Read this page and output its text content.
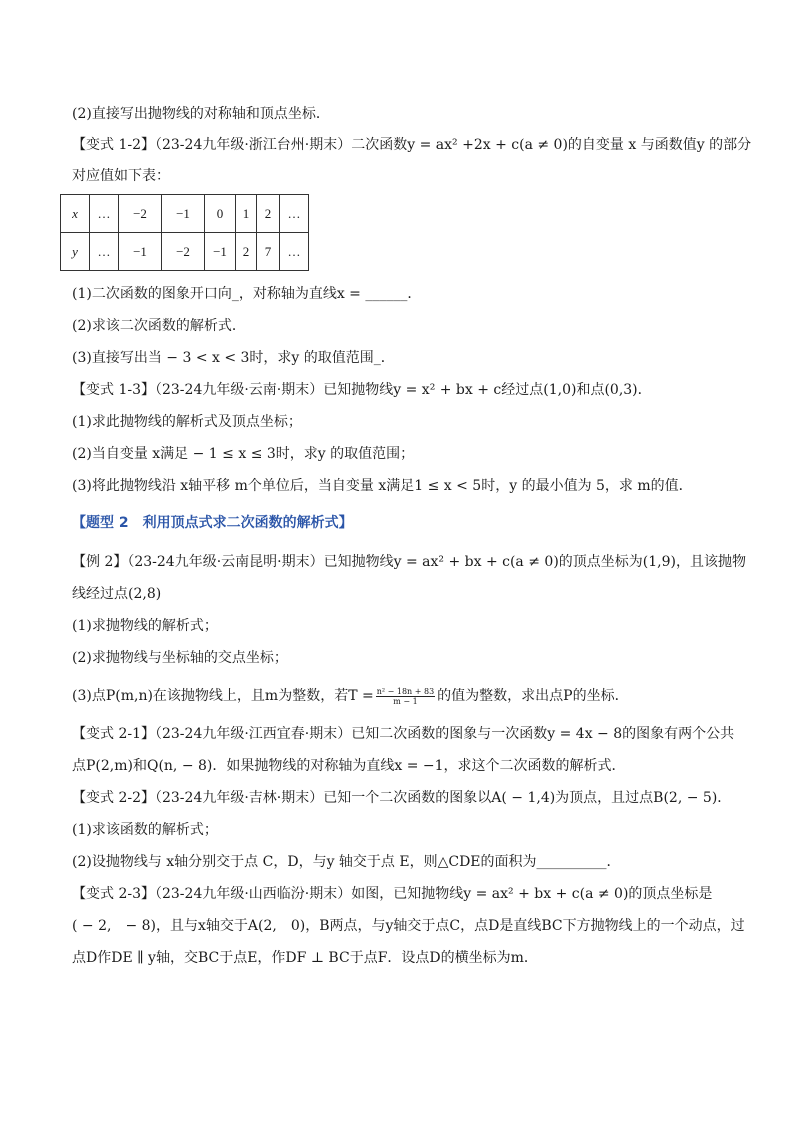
(2)直接写出抛物线的对称轴和顶点坐标．
【变式 1-2】（23-24九年级·浙江台州·期末）二次函数y = ax² +2x + c(a ≠ 0)的自变量 x 与函数值y 的部分
对应值如下表：
x	…	−2	−1	0	1	2	…
y	…	−1	−2	−1	2	7	…
(1)二次函数的图象开口向_，对称轴为直线x = ______．
(2)求该二次函数的解析式．
(3)直接写出当 − 3 < x < 3时，求y 的取值范围_．
【变式 1-3】（23-24九年级·云南·期末）已知抛物线y = x² + bx + c经过点(1,0)和点(0,3)．
(1)求此抛物线的解析式及顶点坐标；
(2)当自变量 x满足 − 1 ≤ x ≤ 3时，求y 的取值范围；
(3)将此抛物线沿 x轴平移 m个单位后，当自变量 x满足1 ≤ x < 5时，y 的最小值为 5，求 m的值．
【题型 2　利用顶点式求二次函数的解析式】
【例 2】（23-24九年级·云南昆明·期末）已知抛物线y = ax² + bx + c(a ≠ 0)的顶点坐标为(1,9)，且该抛物
线经过点(2,8)
(1)求抛物线的解析式；
(2)求抛物线与坐标轴的交点坐标；
(3)点P(m,n)在该抛物线上，且m为整数，若$T = \frac{\text{n² − 18n + 83}}{m - 1}$ 的值为整数，求出点P的坐标．
【变式 2-1】（23-24九年级·江西宜春·期末）已知二次函数的图象与一次函数y = 4x − 8的图象有两个公共
点P(2,m)和Q(n, − 8)．如果抛物线的对称轴为直线x = −1，求这个二次函数的解析式．
【变式 2-2】（23-24九年级·吉林·期末）已知一个二次函数的图象以A( − 1,4)为顶点，且过点B(2, − 5)．
(1)求该函数的解析式；
(2)设抛物线与 x轴分别交于点 C，D，与y 轴交于点 E，则△CDE的面积为__________．
【变式 2-3】（23-24九年级·山西临汾·期末）如图，已知抛物线y = ax² + bx + c(a ≠ 0)的顶点坐标是
( − 2,　− 8)，且与x轴交于A(2,　0)，B两点，与y轴交于点C，点D是直线BC下方抛物线上的一个动点，过
点D作DE ∥ y轴，交BC于点E，作DF ⊥ BC于点F．设点D的横坐标为m．
